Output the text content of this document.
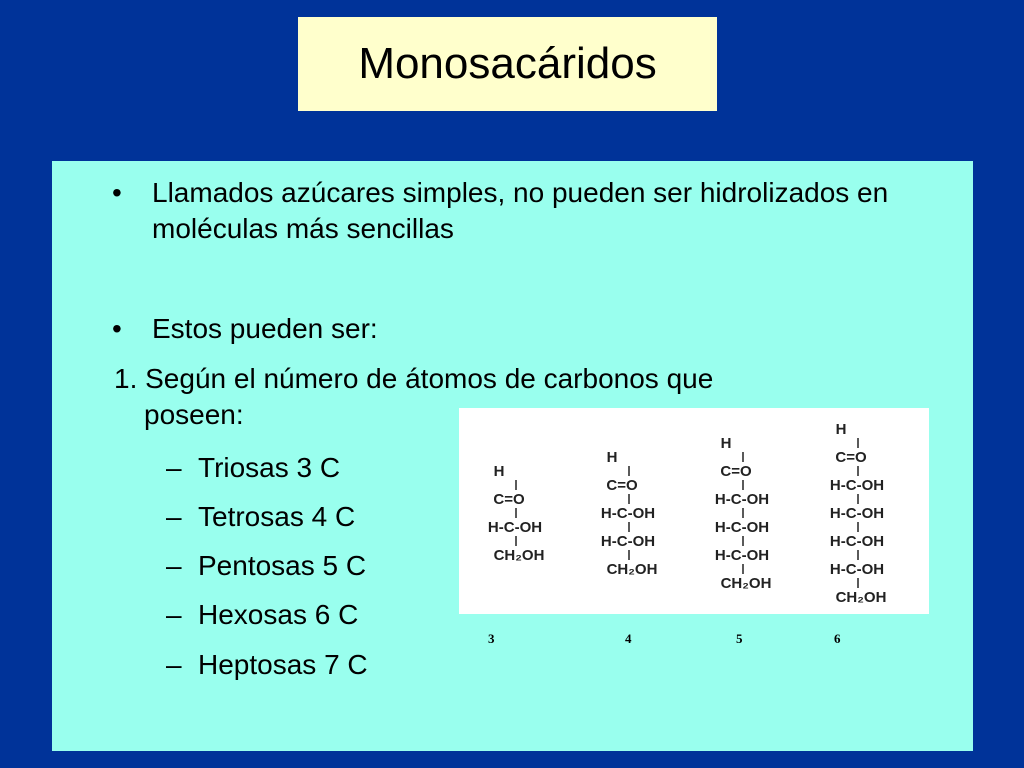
Monosacáridos
•	Llamados azúcares simples, no pueden ser hidrolizados en moléculas más sencillas
•	Estos pueden ser:
1. Según el número de átomos de carbonos que
poseen:
– Triosas 3 C
– Tetrosas 4 C
– Pentosas 5 C
– Hexosas 6 C
– Heptosas 7 C
H
C=O
H-C-OH
CH₂OH
H
C=O
H-C-OH
H-C-OH
CH₂OH
H
C=O
H-C-OH
H-C-OH
H-C-OH
CH₂OH
H
C=O
H-C-OH
H-C-OH
H-C-OH
H-C-OH
CH₂OH
3	4	5	6
